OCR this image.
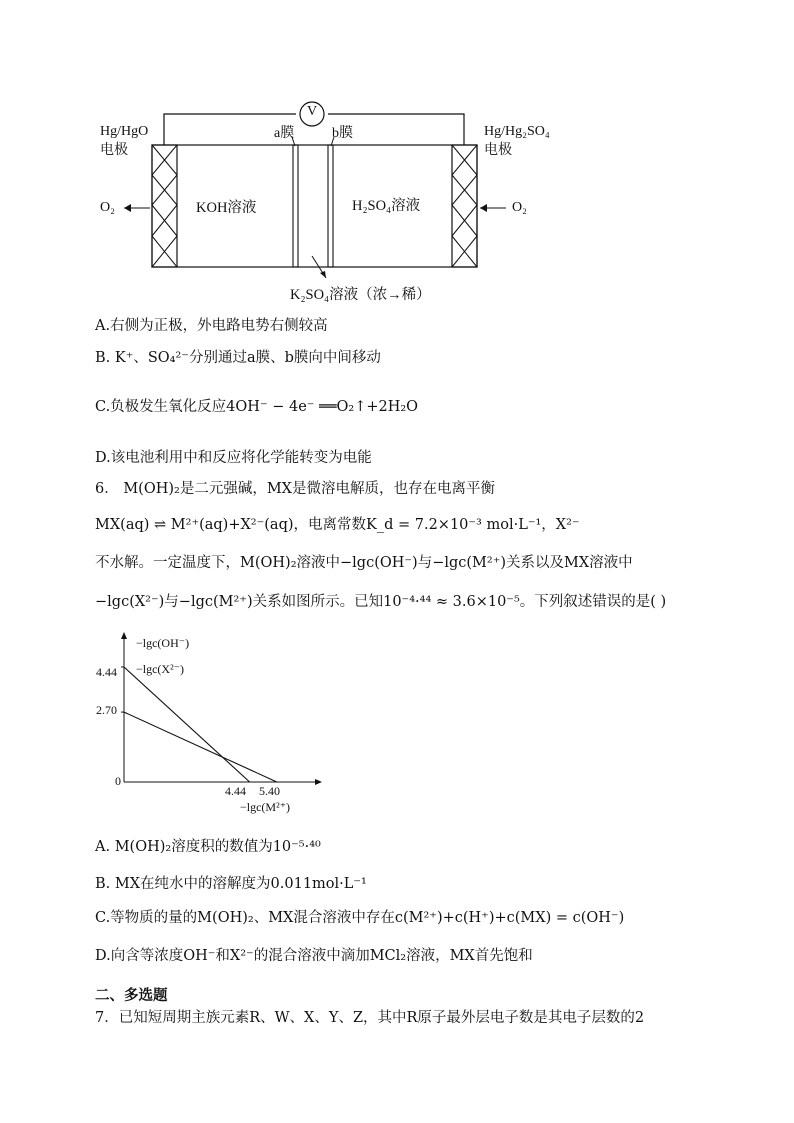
V
Hg/HgO
电极
Hg/Hg₂SO₄
电极
a膜	b膜
KOH溶液	H₂SO₄溶液
K₂SO₄溶液（浓→稀）
O₂	O₂
A.右侧为正极，外电路电势右侧较高
B. K⁺、SO₄²⁻分别通过a膜、b膜向中间移动
C.负极发生氧化反应4OH⁻ − 4e⁻ ══O₂↑+2H₂O
D.该电池利用中和反应将化学能转变为电能
6． M(OH)₂是二元强碱，MX是微溶电解质，也存在电离平衡
MX(aq) ⇌ M²⁺(aq)+X²⁻(aq)，电离常数K_d = 7.2×10⁻³ mol·L⁻¹，X²⁻
不水解。一定温度下，M(OH)₂溶液中−lgc(OH⁻)与−lgc(M²⁺)关系以及MX溶液中
−lgc(X²⁻)与−lgc(M²⁺)关系如图所示。已知10⁻⁴·⁴⁴ ≈ 3.6×10⁻⁵。下列叙述错误的是( )
−lgc(OH⁻)
−lgc(X²⁻)
4.44
2.70
0
4.44 5.40
−lgc(M²⁺)
A. M(OH)₂溶度积的数值为10⁻⁵·⁴⁰
B. MX在纯水中的溶解度为0.011mol·L⁻¹
C.等物质的量的M(OH)₂、MX混合溶液中存在c(M²⁺)+c(H⁺)+c(MX) = c(OH⁻)
D.向含等浓度OH⁻和X²⁻的混合溶液中滴加MCl₂溶液，MX首先饱和
二、多选题
7．已知短周期主族元素R、W、X、Y、Z，其中R原子最外层电子数是其电子层数的2
